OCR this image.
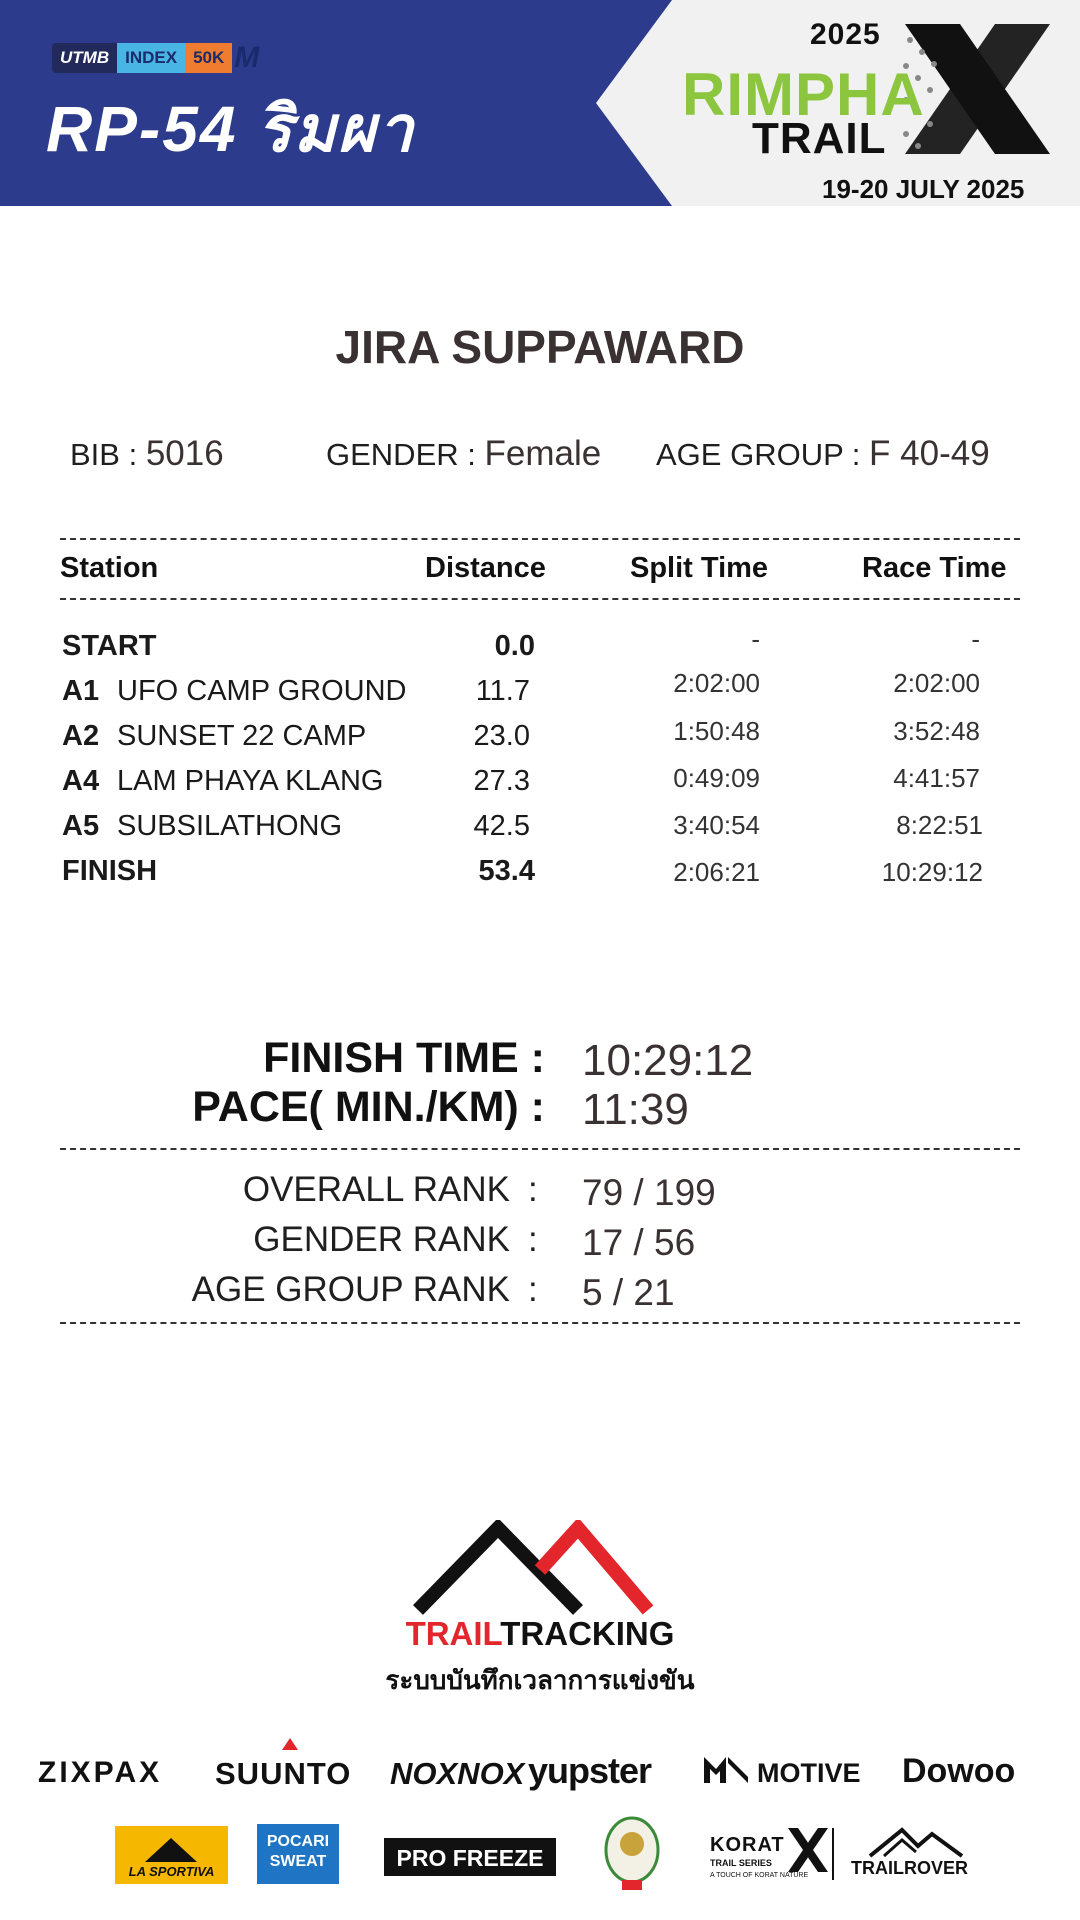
UTMB INDEX 50K M
RP-54 ริมผา
2025
RIMPHA
TRAIL
19-20 JULY 2025
JIRA SUPPAWARD
BIB : 5016	GENDER : Female AGE GROUP : F 40-49
Station	Distance	Split Time	Race Time
START	0.0	-	-
A1 UFO CAMP GROUND	11.7	2:02:00	2:02:00
A2 SUNSET 22 CAMP	23.0	1:50:48	3:52:48
A4 LAM PHAYA KLANG	27.3	0:49:09	4:41:57
A5 SUBSILATHONG	42.5	3:40:54	8:22:51
FINISH	53.4	2:06:21	10:29:12
FINISH TIME : 10:29:12
PACE( MIN./KM) : 11:39
OVERALL RANK : 79 / 199
GENDER RANK : 17 / 56
AGE GROUP RANK : 5 / 21
TRAILTRACKING
ระบบบันทึกเวลาการแข่งขัน
ZIXPAX SUUNTO NOXNOX yupster	MOTIVE Dowoo
LA SPORTIVA
POCARI SWEAT	PRO FREEZE	KORAT
TRAIL SERIES
A TOUCH OF KORAT NATURE TRAILROVER
